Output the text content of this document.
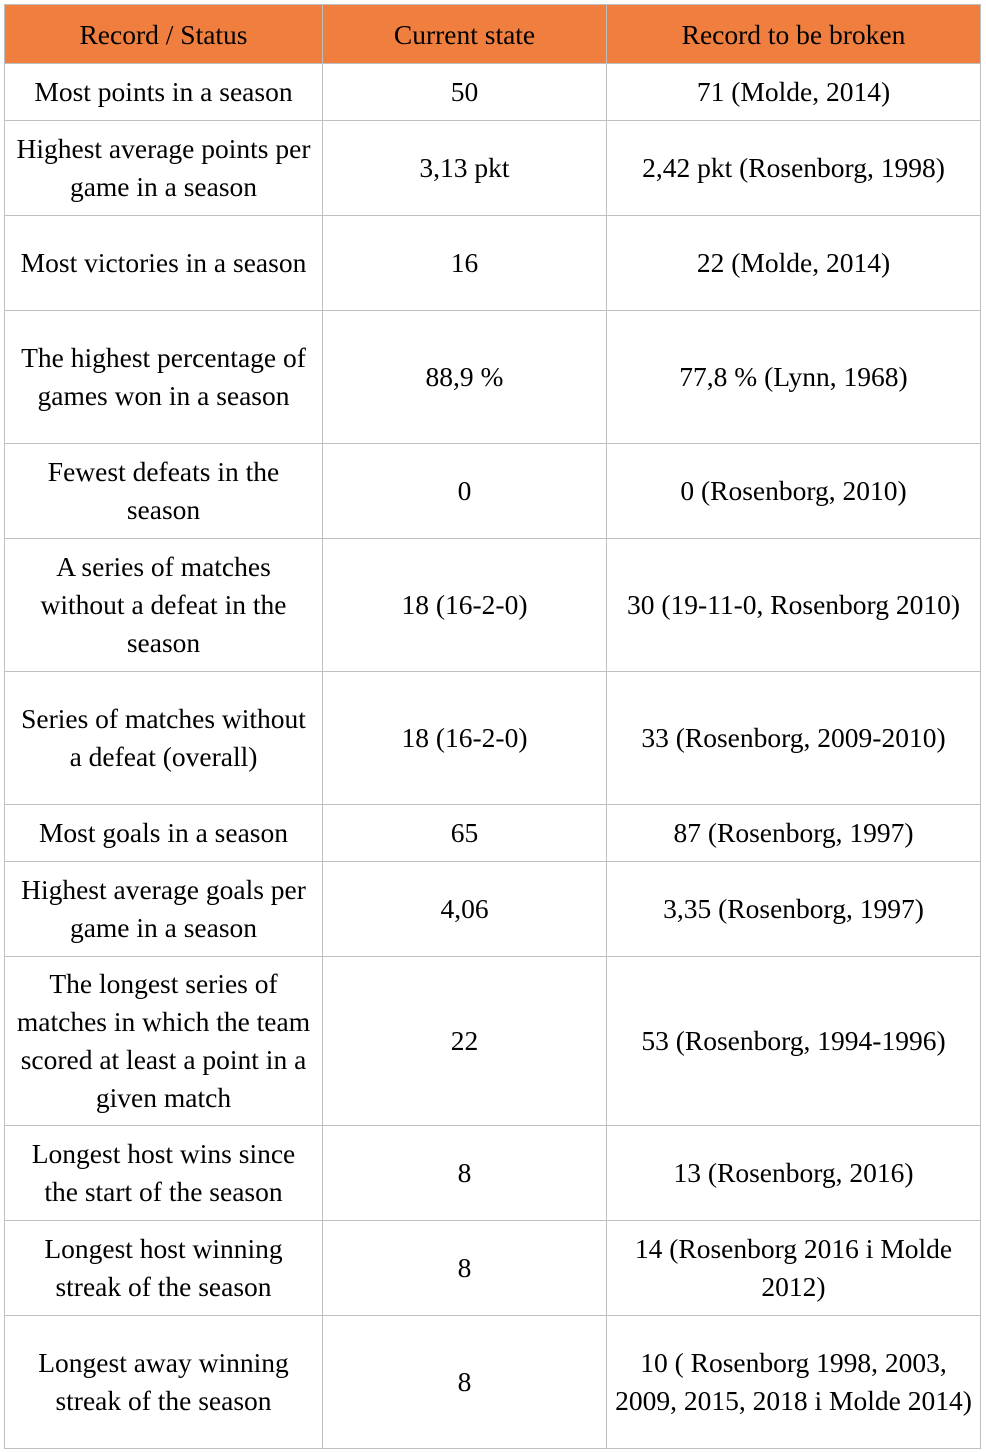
Record / Status	Current state	Record to be broken
Most points in a season	50	71 (Molde, 2014)
Highest average points per game in a season	3,13 pkt	2,42 pkt (Rosenborg, 1998)
Most victories in a season	16	22 (Molde, 2014)
The highest percentage of games won in a season	88,9 %	77,8 % (Lynn, 1968)
Fewest defeats in the season	0	0 (Rosenborg, 2010)
A series of matches without a defeat in the season	18 (16-2-0)	30 (19-11-0, Rosenborg 2010)
Series of matches without a defeat (overall)	18 (16-2-0)	33 (Rosenborg, 2009-2010)
Most goals in a season	65	87 (Rosenborg, 1997)
Highest average goals per game in a season	4,06	3,35 (Rosenborg, 1997)
The longest series of matches in which the team scored at least a point in a given match	22	53 (Rosenborg, 1994-1996)
Longest host wins since the start of the season	8	13 (Rosenborg, 2016)
Longest host winning streak of the season	8	14 (Rosenborg 2016 i Molde 2012)
Longest away winning streak of the season	8	10 ( Rosenborg 1998, 2003, 2009, 2015, 2018 i Molde 2014)
